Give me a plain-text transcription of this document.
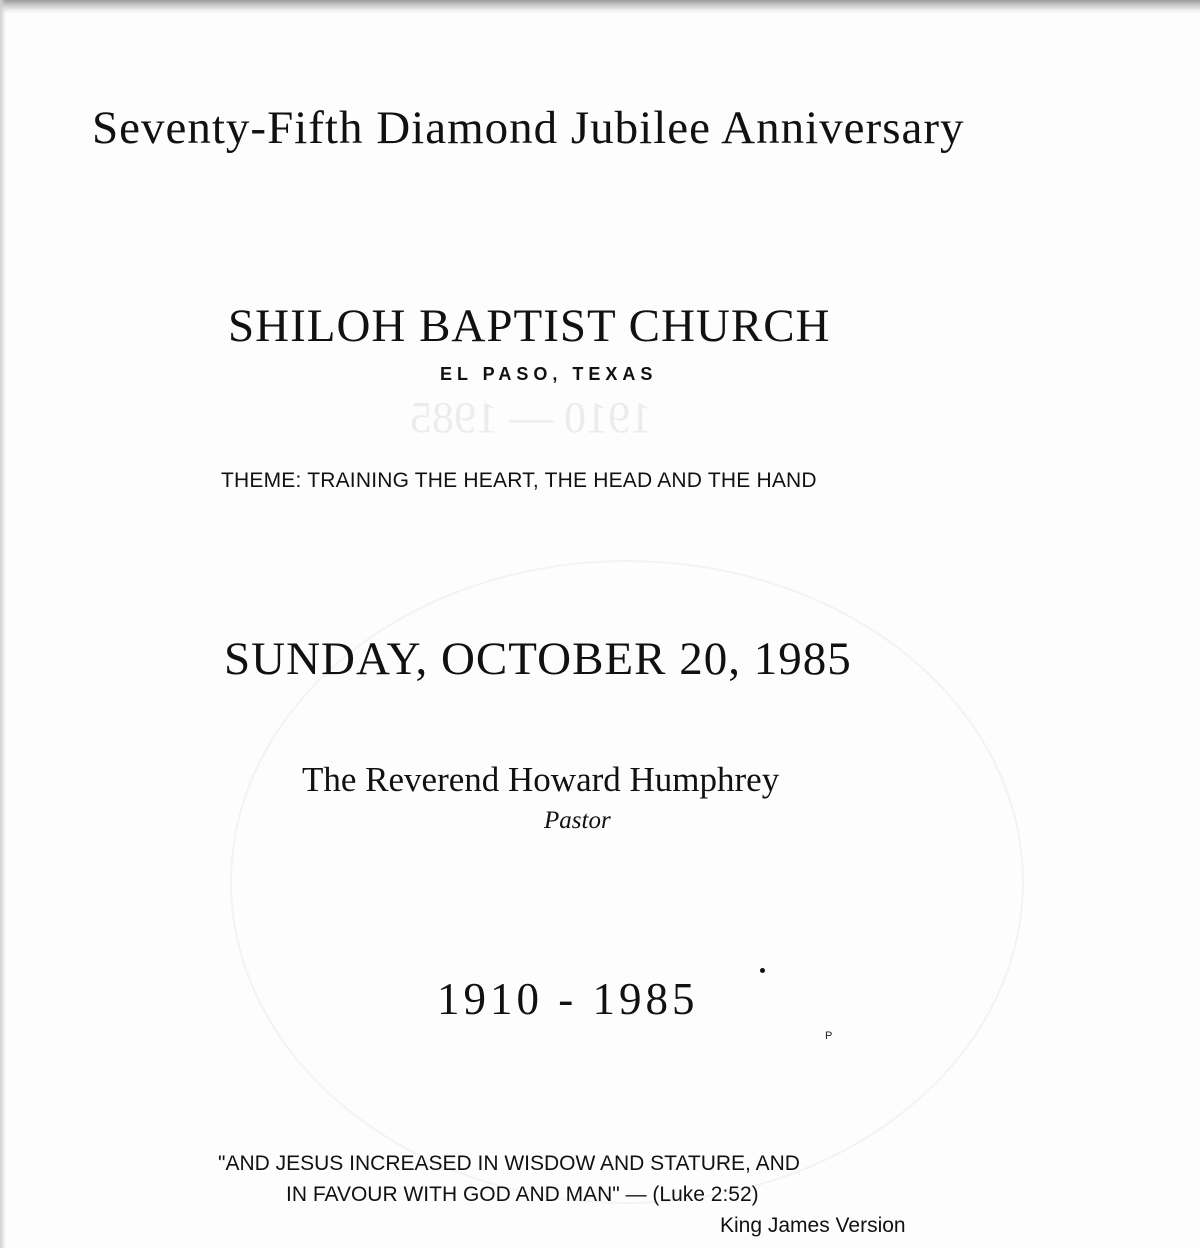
1910 — 1985

Seventy-Fifth Diamond Jubilee Anniversary

SHILOH BAPTIST CHURCH

EL PASO, TEXAS

THEME: TRAINING THE HEART, THE HEAD AND THE HAND

SUNDAY, OCTOBER 20, 1985

The Reverend Howard Humphrey

Pastor

1910 - 1985

P

"AND JESUS INCREASED IN WISDOW AND STATURE, AND

IN FAVOUR WITH GOD AND MAN" — (Luke 2:52)

King James Version
